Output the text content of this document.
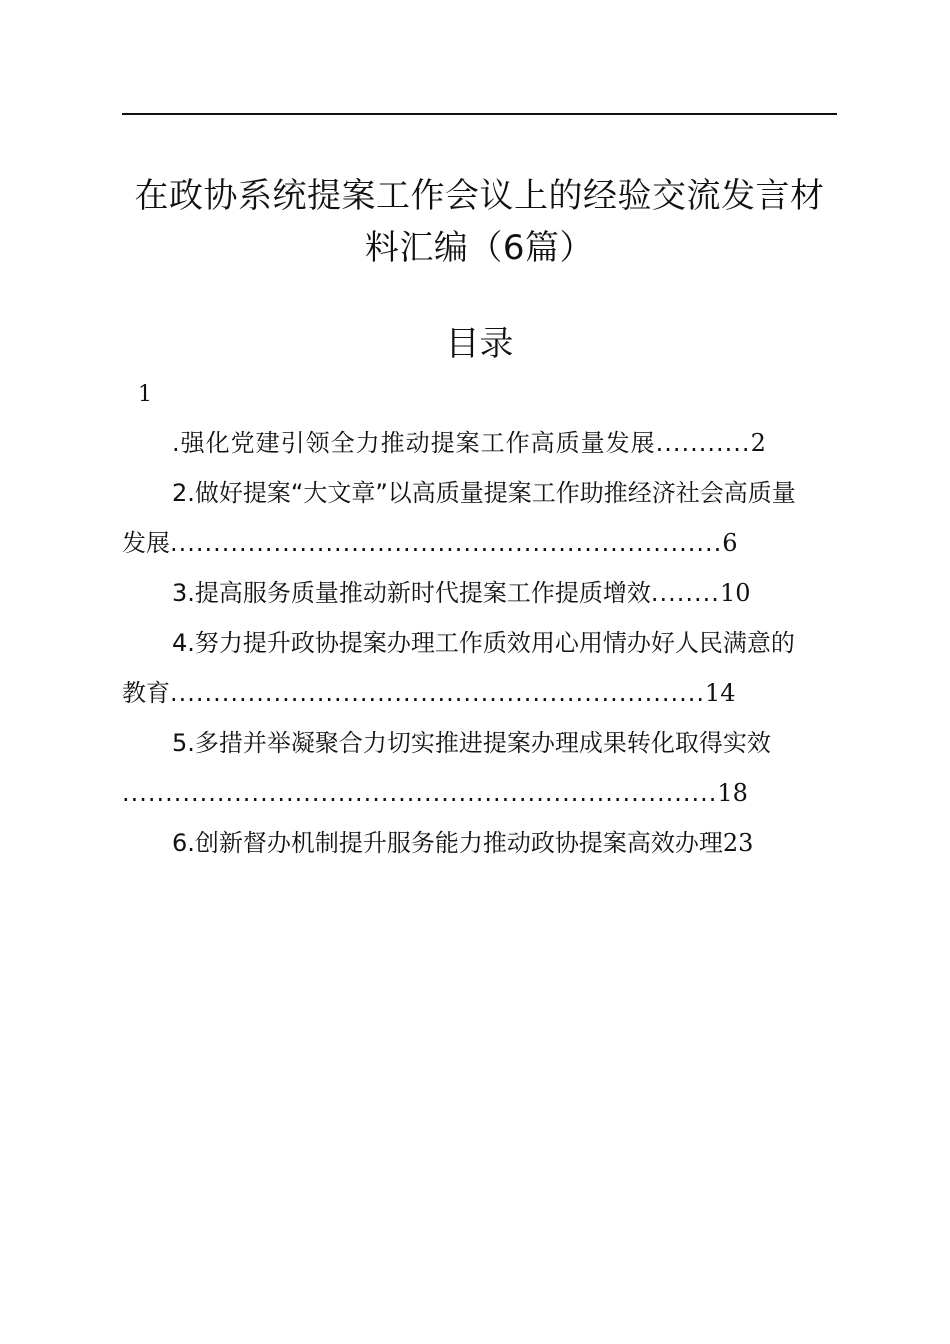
在政协系统提案工作会议上的经验交流发言材
料汇编（6篇）
目录
1
.强化党建引领全力推动提案工作高质量发展...........2
2.做好提案“大文章”以高质量提案工作助推经济社会高质量
发展................................................................6
3.提高服务质量推动新时代提案工作提质增效........10
4.努力提升政协提案办理工作质效用心用情办好人民满意的
教育..............................................................14
5.多措并举凝聚合力切实推进提案办理成果转化取得实效
.....................................................................18
6.创新督办机制提升服务能力推动政协提案高效办理23
